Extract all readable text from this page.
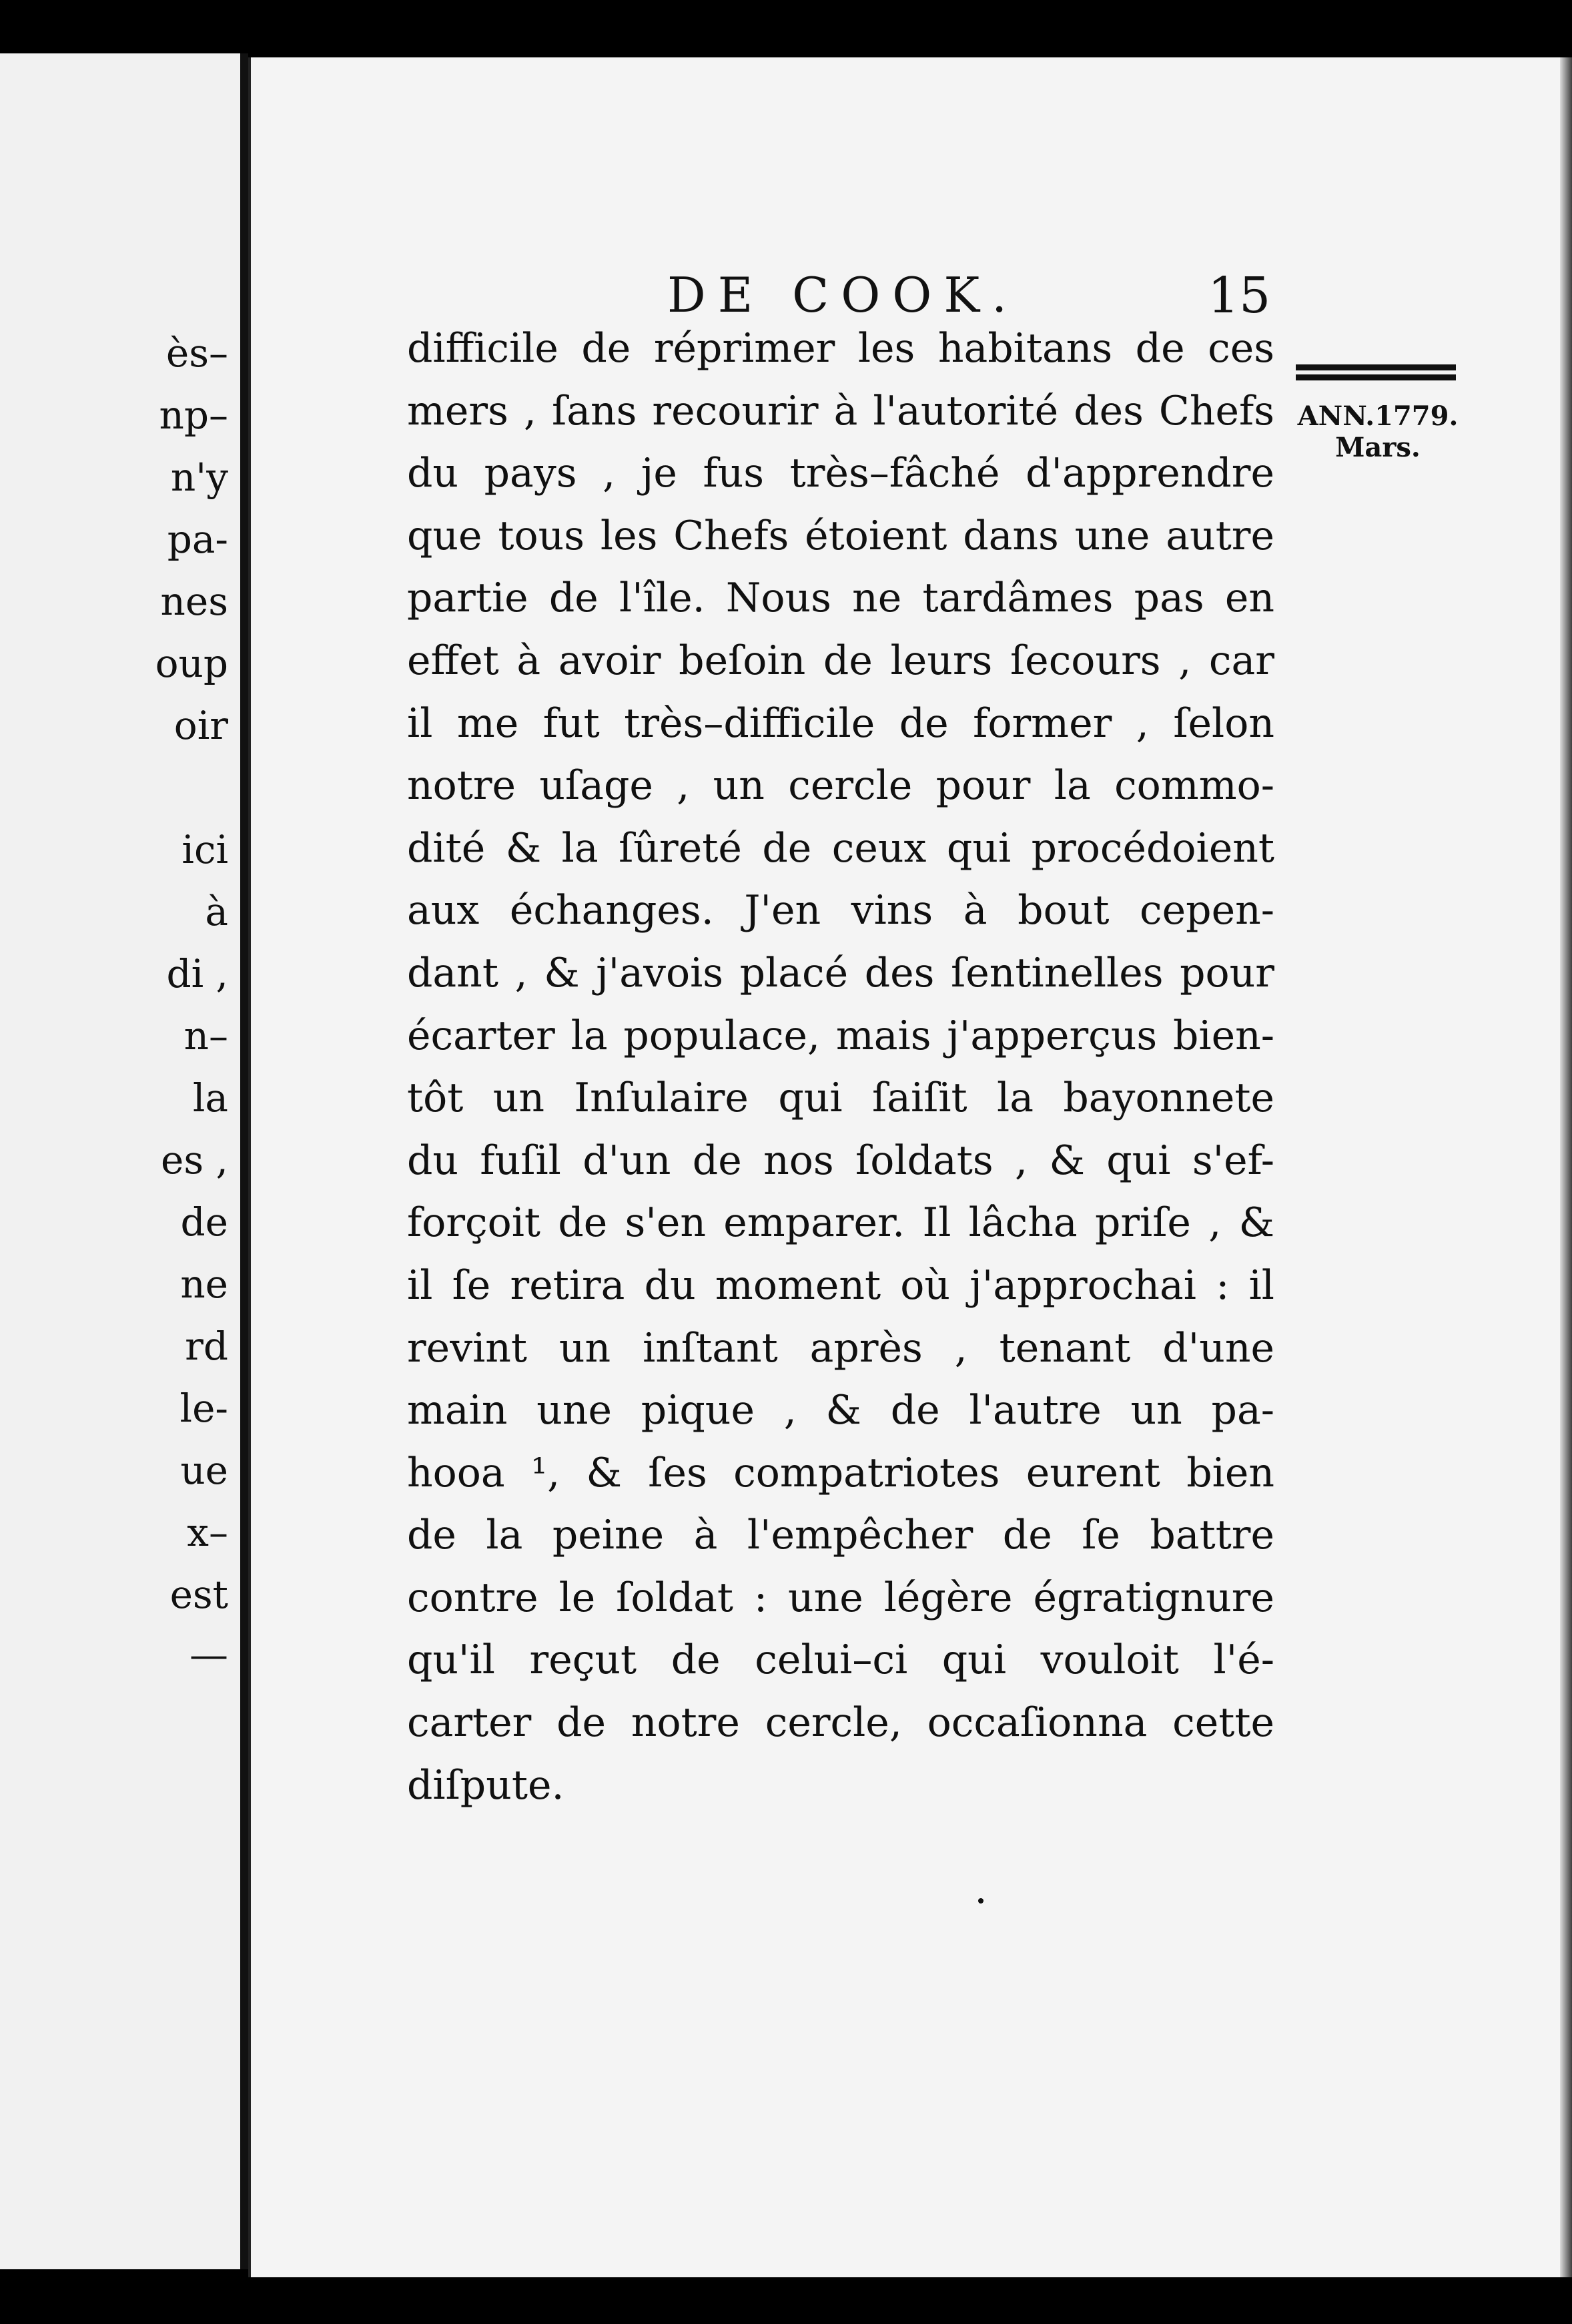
ès–
np–
n'y
pa-
nes
oup
oir
ici
à
di ,
n–
la
es ,
de
ne
rd
le-
ue
x–
est
—
DE COOK.	15
ANN.1779.
Mars.
difficile de réprimer les habitans de ces
mers , ſans recourir à l'autorité des Chefs
du pays , je fus très–fâché d'apprendre
que tous les Chefs étoient dans une autre
partie de l'île. Nous ne tardâmes pas en
effet à avoir beſoin de leurs ſecours , car
il me fut très–difficile de former , ſelon
notre uſage , un cercle pour la commo-
dité & la ſûreté de ceux qui procédoient
aux échanges. J'en vins à bout cepen-
dant , & j'avois placé des ſentinelles pour
écarter la populace, mais j'apperçus bien-
tôt un Inſulaire qui ſaiſit la bayonnete
du fuſil d'un de nos ſoldats , & qui s'ef-
forçoit de s'en emparer. Il lâcha priſe , &
il ſe retira du moment où j'approchai : il
revint un inſtant après , tenant d'une
main une pique , & de l'autre un pa-
hooa ¹, & ſes compatriotes eurent bien
de la peine à l'empêcher de ſe battre
contre le ſoldat : une légère égratignure
qu'il reçut de celui–ci qui vouloit l'é-
carter de notre cercle, occaſionna cette
diſpute.
